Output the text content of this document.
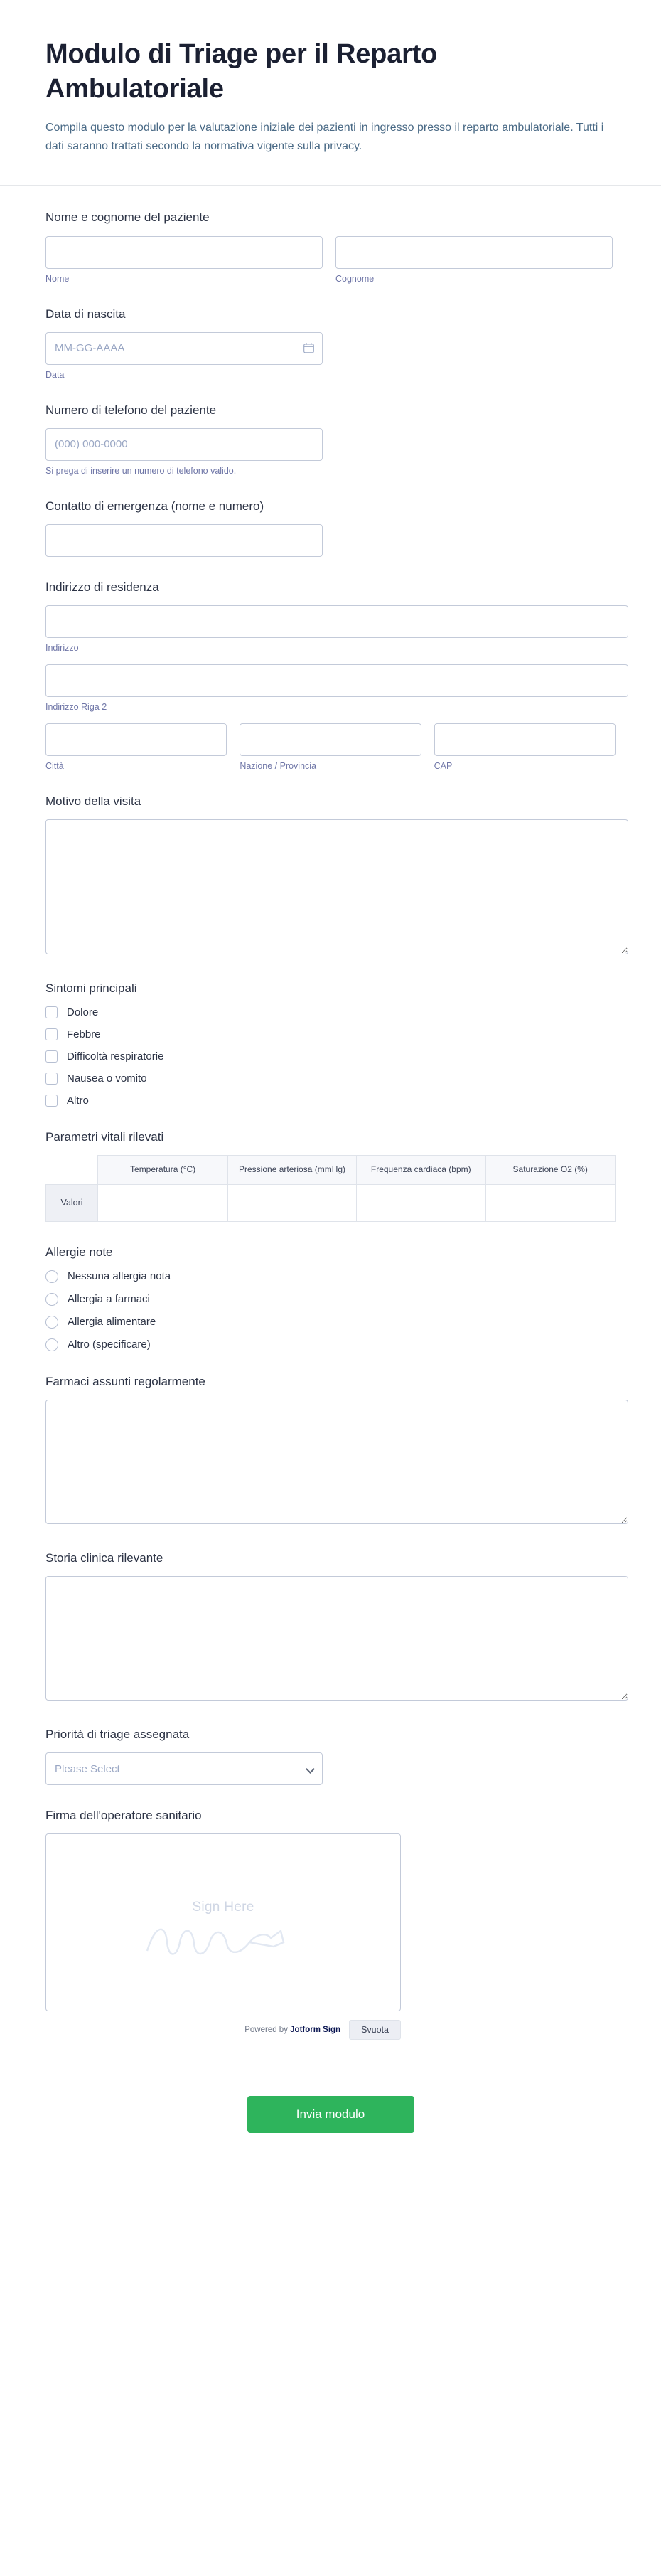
Modulo di Triage per il Reparto Ambulatoriale

Compila questo modulo per la valutazione iniziale dei pazienti in ingresso presso il reparto ambulatoriale. Tutti i dati saranno trattati secondo la normativa vigente sulla privacy.

Nome e cognome del paziente
Nome	Cognome
Data di nascita
MM-GG-AAAA
Data
Numero di telefono del paziente
(000) 000-0000
Si prega di inserire un numero di telefono valido.
Contatto di emergenza (nome e numero)
Indirizzo di residenza
Indirizzo
Indirizzo Riga 2
Città	Nazione / Provincia	CAP
Motivo della visita
Sintomi principali
Dolore
Febbre
Difficoltà respiratorie
Nausea o vomito
Altro
Parametri vitali rilevati
	Temperatura (°C)	Pressione arteriosa (mmHg)	Frequenza cardiaca (bpm)	Saturazione O2 (%)
Valori				
Allergie note
Nessuna allergia nota
Allergia a farmaci
Allergia alimentare
Altro (specificare)
Farmaci assunti regolarmente
Storia clinica rilevante
Priorità di triage assegnata
Please Select
Firma dell'operatore sanitario
Sign Here
Powered by Jotform Sign	Svuota
Invia modulo
